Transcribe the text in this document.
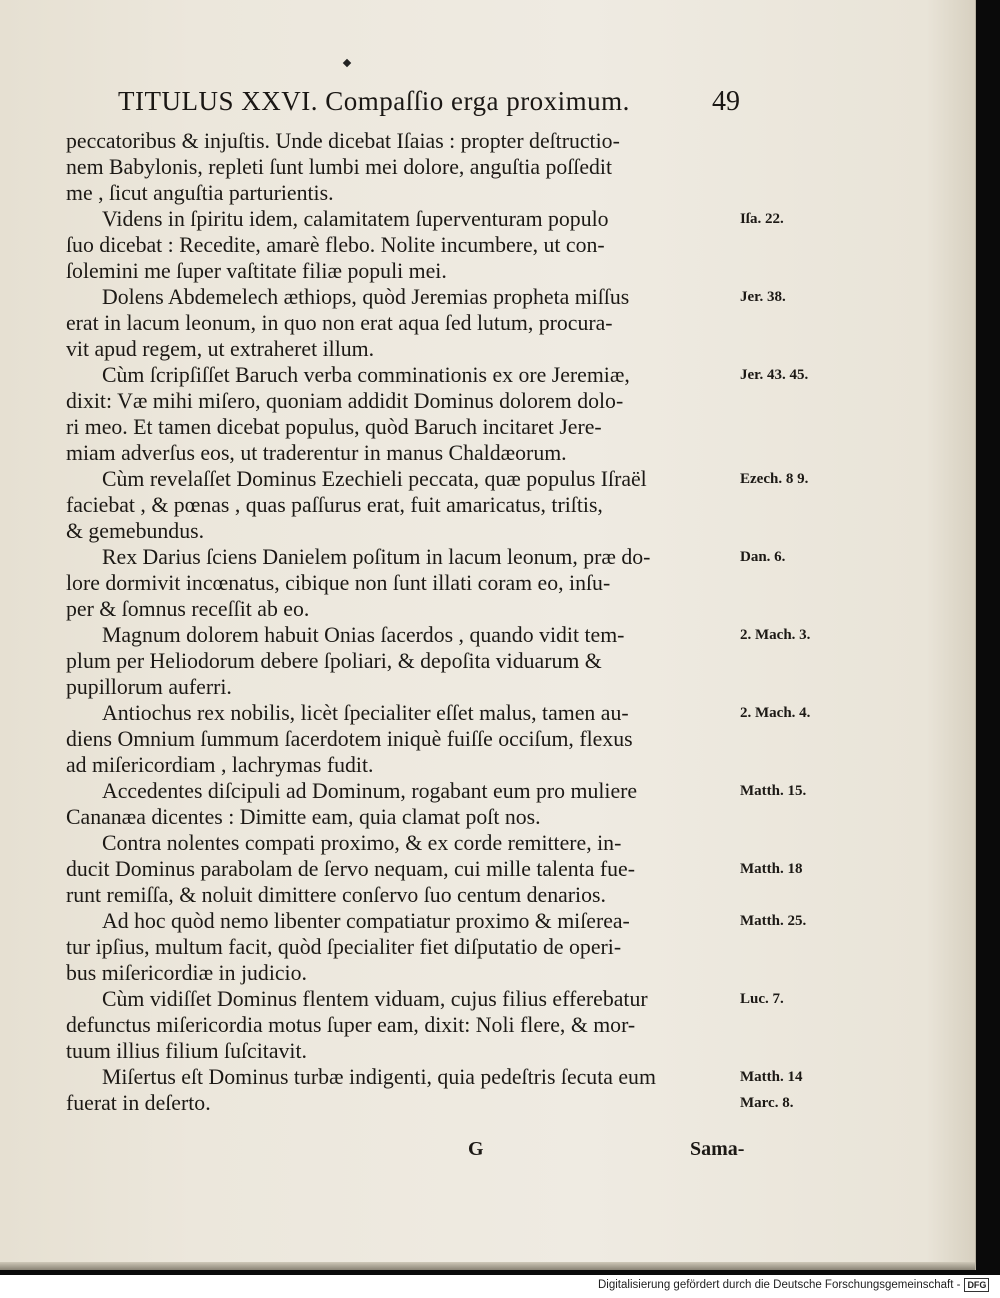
TITULUS XXVI. Compaſſio erga proximum.	49
peccatoribus & injuſtis. Unde dicebat Iſaias : propter deſtructio-
nem Babylonis, repleti ſunt lumbi mei dolore, anguſtia poſſedit
me , ſicut anguſtia parturientis.
Videns in ſpiritu idem, calamitatem ſuperventuram populo
ſuo dicebat : Recedite, amarè flebo. Nolite incumbere, ut con-
ſolemini me ſuper vaſtitate filiæ populi mei.
Dolens Abdemelech æthiops, quòd Jeremias propheta miſſus
erat in lacum leonum, in quo non erat aqua ſed lutum, procura-
vit apud regem, ut extraheret illum.
Cùm ſcripſiſſet Baruch verba comminationis ex ore Jeremiæ,
dixit: Væ mihi miſero, quoniam addidit Dominus dolorem dolo-
ri meo. Et tamen dicebat populus, quòd Baruch incitaret Jere-
miam adverſus eos, ut traderentur in manus Chaldæorum.
Cùm revelaſſet Dominus Ezechieli peccata, quæ populus Iſraël
faciebat , & pœnas , quas paſſurus erat, fuit amaricatus, triſtis,
& gemebundus.
Rex Darius ſciens Danielem poſitum in lacum leonum, præ do-
lore dormivit incœnatus, cibique non ſunt illati coram eo, inſu-
per & ſomnus receſſit ab eo.
Magnum dolorem habuit Onias ſacerdos , quando vidit tem-
plum per Heliodorum debere ſpoliari, & depoſita viduarum &
pupillorum auferri.
Antiochus rex nobilis, licèt ſpecialiter eſſet malus, tamen au-
diens Omnium ſummum ſacerdotem iniquè fuiſſe occiſum, flexus
ad miſericordiam , lachrymas fudit.
Accedentes diſcipuli ad Dominum, rogabant eum pro muliere
Cananæa dicentes : Dimitte eam, quia clamat poſt nos.
Contra nolentes compati proximo, & ex corde remittere, in-
ducit Dominus parabolam de ſervo nequam, cui mille talenta fue-
runt remiſſa, & noluit dimittere conſervo ſuo centum denarios.
Ad hoc quòd nemo libenter compatiatur proximo & miſerea-
tur ipſius, multum facit, quòd ſpecialiter fiet diſputatio de operi-
bus miſericordiæ in judicio.
Cùm vidiſſet Dominus flentem viduam, cujus filius efferebatur
defunctus miſericordia motus ſuper eam, dixit: Noli flere, & mor-
tuum illius filium ſuſcitavit.
Miſertus eſt Dominus turbæ indigenti, quia pedeſtris ſecuta eum
fuerat in deſerto.
Iſa. 22.
Jer. 38.
Jer. 43. 45.
Ezech. 8 9.
Dan. 6.
2. Mach. 3.
2. Mach. 4.
Matth. 15.
Matth. 18
Matth. 25.
Luc. 7.
Matth. 14
Marc. 8.
G	Sama-
Digitalisierung gefördert durch die Deutsche Forschungsgemeinschaft - DFG
